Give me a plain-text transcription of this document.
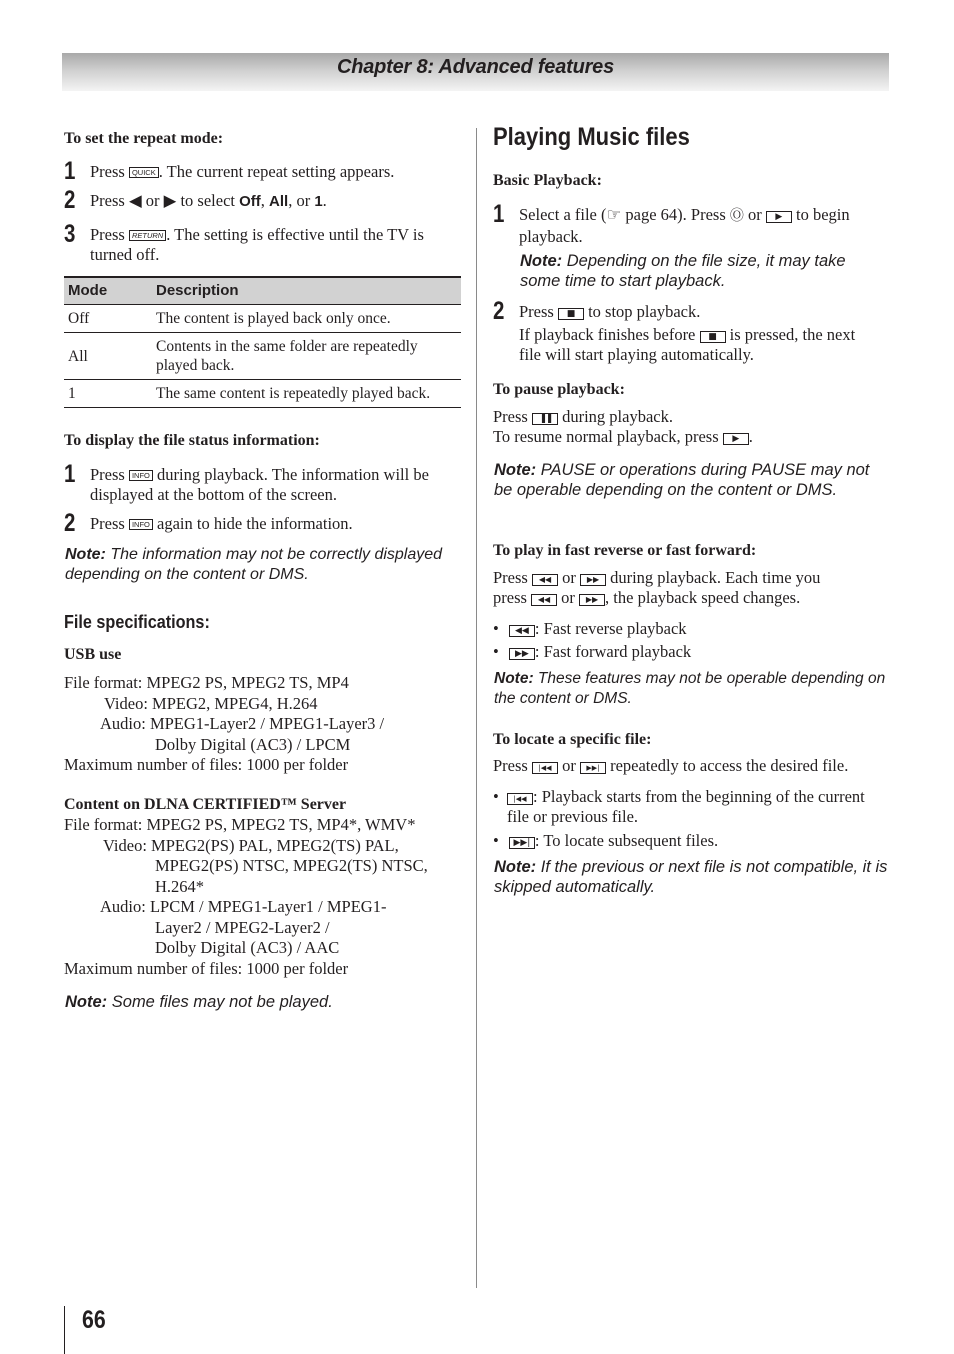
Chapter 8: Advanced features
To set the repeat mode:
1 Press QUICK . The current repeat setting appears.
2 Press ◀ or ▶ to select Off, All, or 1.
3 Press RETURN . The setting is effective until the TV is turned off.
Mode	Description
Off	The content is played back only once.
All	Contents in the same folder are repeatedly played back.
1	The same content is repeatedly played back.
To display the file status information:
1 Press INFO during playback. The information will be displayed at the bottom of the screen.
2 Press INFO again to hide the information.
Note: The information may not be correctly displayed depending on the content or DMS.
File specifications:
USB use
File format: MPEG2 PS, MPEG2 TS, MP4
Video: MPEG2, MPEG4, H.264
Audio: MPEG1-Layer2 / MPEG1-Layer3 /
Dolby Digital (AC3) / LPCM
Maximum number of files: 1000 per folder
Content on DLNA CERTIFIED™ Server
File format: MPEG2 PS, MPEG2 TS, MP4*, WMV*
Video: MPEG2(PS) PAL, MPEG2(TS) PAL,
MPEG2(PS) NTSC, MPEG2(TS) NTSC,
H.264*
Audio: LPCM / MPEG1-Layer1 / MPEG1-
Layer2 / MPEG2-Layer2 /
Dolby Digital (AC3) / AAC
Maximum number of files: 1000 per folder
Note: Some files may not be played.
Playing Music files
Basic Playback:
1 Select a file (☞ page 64). Press Ⓞ or ▶ to begin playback.
Note: Depending on the file size, it may take some time to start playback.
2 Press ■ to stop playback.
If playback finishes before ■ is pressed, the next file will start playing automatically.
To pause playback:
Press ▐▐ during playback.
To resume normal playback, press ▶ .
Note: PAUSE or operations during PAUSE may not be operable depending on the content or DMS.
To play in fast reverse or fast forward:
Press ◀◀ or ▶▶ during playback. Each time you
press ◀◀ or ▶▶ , the playback speed changes.
• ◀◀ : Fast reverse playback
• ▶▶ : Fast forward playback
Note: These features may not be operable depending on the content or DMS.
To locate a specific file:
Press |◀◀ or ▶▶| repeatedly to access the desired file.
•	|◀◀ : Playback starts from the beginning of the current file or previous file.
• ▶▶| : To locate subsequent files.
Note: If the previous or next file is not compatible, it is skipped automatically.
66
